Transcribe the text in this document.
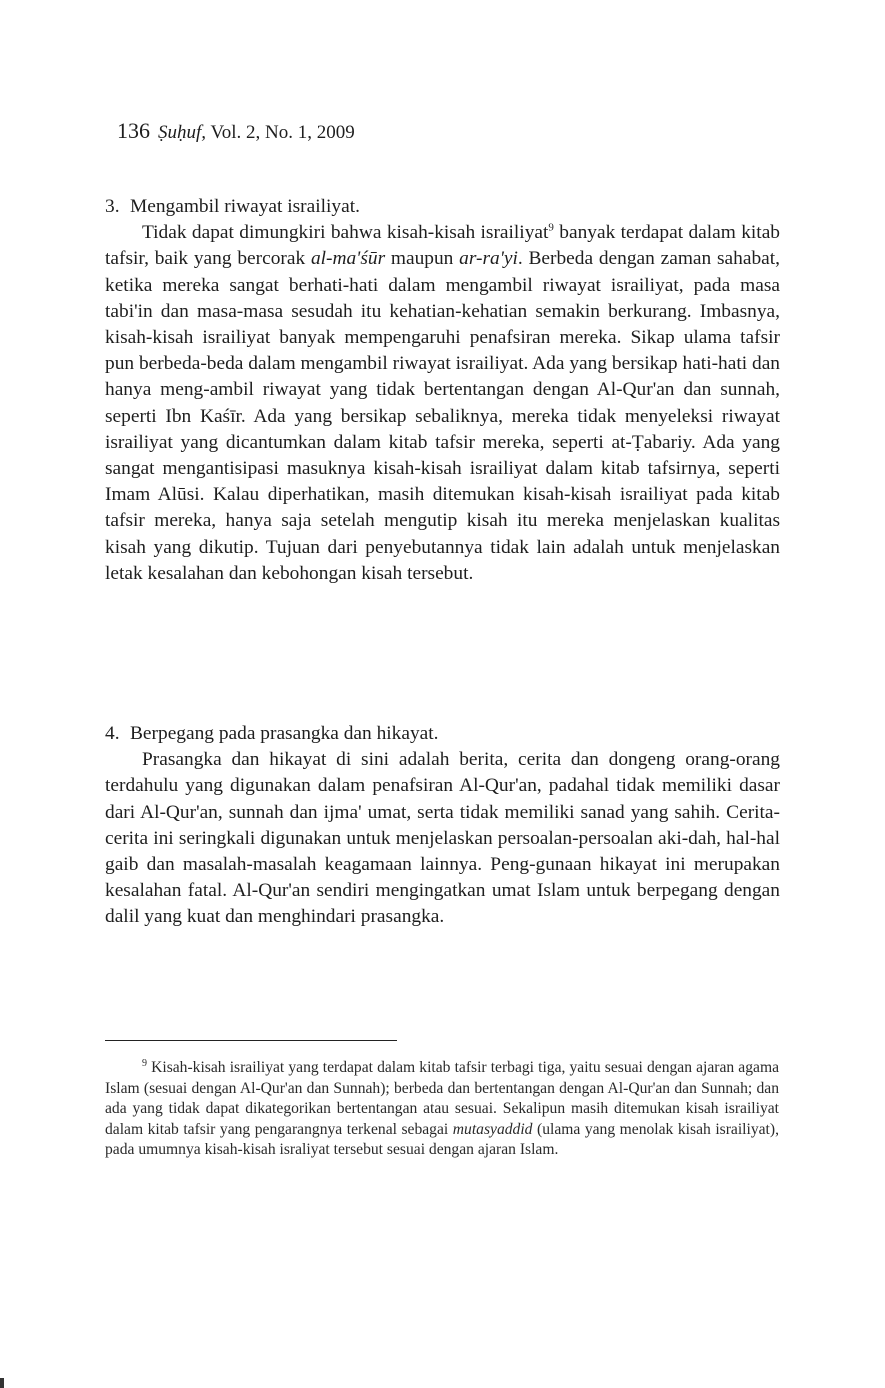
136 Ṣuḥuf, Vol. 2, No. 1, 2009
3. Mengambil riwayat israiliyat.

Tidak dapat dimungkiri bahwa kisah-kisah israiliyat$^9$ banyak terdapat dalam kitab tafsir, baik yang bercorak al-ma'śūr maupun ar-ra'yi. Berbeda dengan zaman sahabat, ketika mereka sangat berhati-hati dalam mengambil riwayat israiliyat, pada masa tabi'in dan masa-masa sesudah itu kehatian-kehatian semakin berkurang. Imbasnya, kisah-kisah israiliyat banyak mempengaruhi penafsiran mereka. Sikap ulama tafsir pun berbeda-beda dalam mengambil riwayat israiliyat. Ada yang bersikap hati-hati dan hanya meng-ambil riwayat yang tidak bertentangan dengan Al-Qur'an dan sunnah, seperti Ibn Kaśīr. Ada yang bersikap sebaliknya, mereka tidak menyeleksi riwayat israiliyat yang dicantumkan dalam kitab tafsir mereka, seperti at-Ṭabariy. Ada yang sangat mengantisipasi masuknya kisah-kisah israiliyat dalam kitab tafsirnya, seperti Imam Alūsi. Kalau diperhatikan, masih ditemukan kisah-kisah israiliyat pada kitab tafsir mereka, hanya saja setelah mengutip kisah itu mereka menjelaskan kualitas kisah yang dikutip. Tujuan dari penyebutannya tidak lain adalah untuk menjelaskan letak kesalahan dan kebohongan kisah tersebut.

4. Berpegang pada prasangka dan hikayat.

Prasangka dan hikayat di sini adalah berita, cerita dan dongeng orang-orang terdahulu yang digunakan dalam penafsiran Al-Qur'an, padahal tidak memiliki dasar dari Al-Qur'an, sunnah dan ijma' umat, serta tidak memiliki sanad yang sahih. Cerita-cerita ini seringkali digunakan untuk menjelaskan persoalan-persoalan aki-dah, hal-hal gaib dan masalah-masalah keagamaan lainnya. Peng-gunaan hikayat ini merupakan kesalahan fatal. Al-Qur'an sendiri mengingatkan umat Islam untuk berpegang dengan dalil yang kuat dan menghindari prasangka.

$^9$ Kisah-kisah israiliyat yang terdapat dalam kitab tafsir terbagi tiga, yaitu sesuai dengan ajaran agama Islam (sesuai dengan Al-Qur'an dan Sunnah); berbeda dan bertentangan dengan Al-Qur'an dan Sunnah; dan ada yang tidak dapat dikategorikan bertentangan atau sesuai. Sekalipun masih ditemukan kisah israiliyat dalam kitab tafsir yang pengarangnya terkenal sebagai mutasyaddid (ulama yang menolak kisah israiliyat), pada umumnya kisah-kisah israliyat tersebut sesuai dengan ajaran Islam.
